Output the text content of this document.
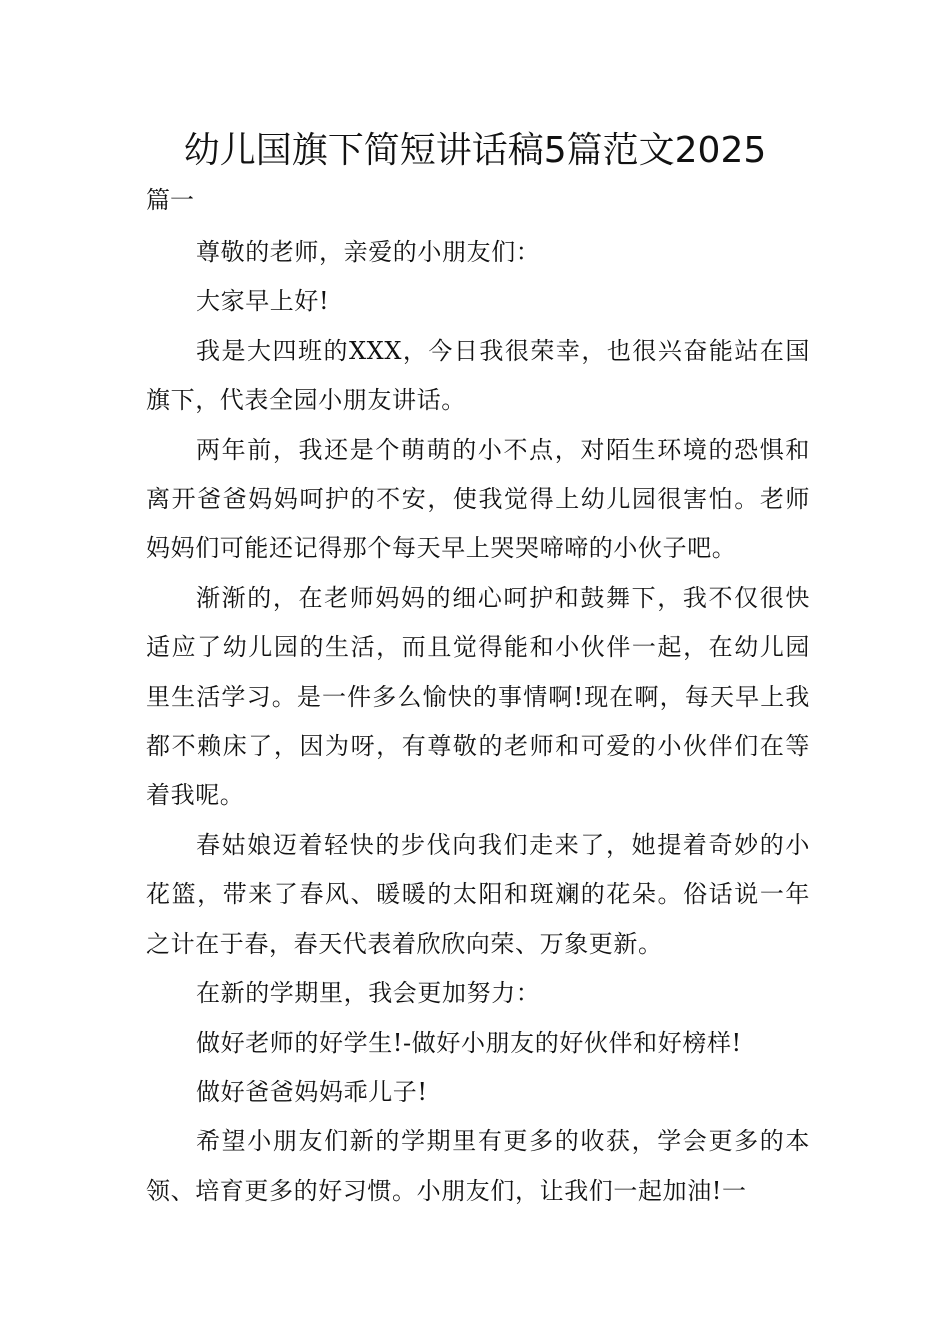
幼儿国旗下简短讲话稿5篇范文2025

篇一

尊敬的老师，亲爱的小朋友们：

大家早上好!

我是大四班的XXX，今日我很荣幸，也很兴奋能站在国旗下，代表全园小朋友讲话。

两年前，我还是个萌萌的小不点，对陌生环境的恐惧和离开爸爸妈妈呵护的不安，使我觉得上幼儿园很害怕。老师妈妈们可能还记得那个每天早上哭哭啼啼的小伙子吧。

渐渐的，在老师妈妈的细心呵护和鼓舞下，我不仅很快适应了幼儿园的生活，而且觉得能和小伙伴一起，在幼儿园里生活学习。是一件多么愉快的事情啊!现在啊，每天早上我都不赖床了，因为呀，有尊敬的老师和可爱的小伙伴们在等着我呢。

春姑娘迈着轻快的步伐向我们走来了，她提着奇妙的小花篮，带来了春风、暖暖的太阳和斑斓的花朵。俗话说一年之计在于春，春天代表着欣欣向荣、万象更新。

在新的学期里，我会更加努力：

做好老师的好学生!-做好小朋友的好伙伴和好榜样!

做好爸爸妈妈乖儿子!

希望小朋友们新的学期里有更多的收获，学会更多的本领、培育更多的好习惯。小朋友们，让我们一起加油!一
